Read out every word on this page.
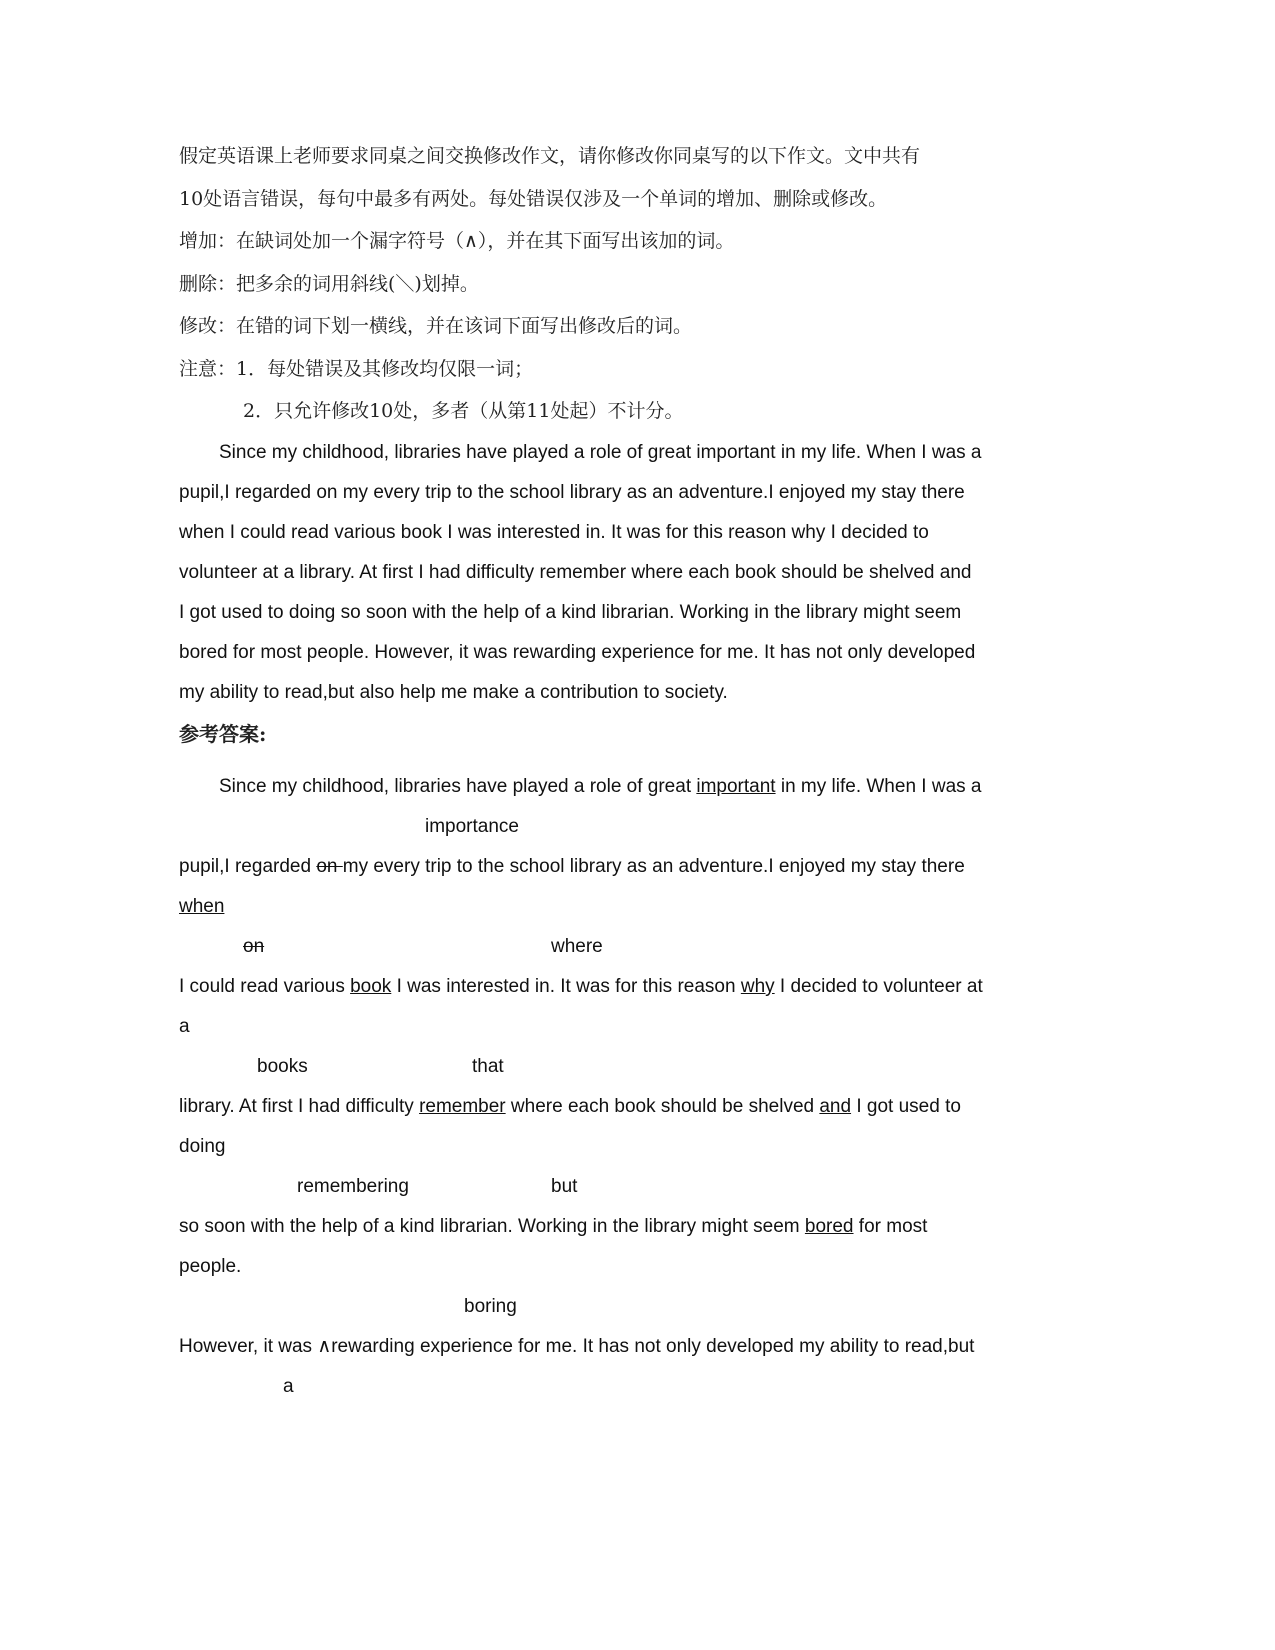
假定英语课上老师要求同桌之间交换修改作文，请你修改你同桌写的以下作文。文中共有
10处语言错误，每句中最多有两处。每处错误仅涉及一个单词的增加、删除或修改。
增加：在缺词处加一个漏字符号（∧），并在其下面写出该加的词。
删除：把多余的词用斜线(＼)划掉。
修改：在错的词下划一横线，并在该词下面写出修改后的词。
注意：1．每处错误及其修改均仅限一词；
2．只允许修改10处，多者（从第11处起）不计分。
Since my childhood, libraries have played a role of great important in my life. When I was a
pupil,I regarded on my every trip to the school library as an adventure.I enjoyed my stay there
when I could read various book I was interested in. It was for this reason why I decided to
volunteer at a library. At first I had difficulty remember where each book should be shelved and
I got used to doing so soon with the help of a kind librarian. Working in the library might seem
bored for most people. However, it was rewarding experience for me. It has not only developed
my ability to read,but also help me make a contribution to society.
参考答案:
Since my childhood, libraries have played a role of great important in my life. When I was a
importance
pupil,I regarded on my every trip to the school library as an adventure.I enjoyed my stay there
when
on	where
I could read various book I was interested in. It was for this reason why I decided to volunteer at
a
books	that
library. At first I had difficulty remember where each book should be shelved and I got used to
doing
remembering	but
so soon with the help of a kind librarian. Working in the library might seem bored for most
people.
boring
However, it was ∧rewarding experience for me. It has not only developed my ability to read,but
a
